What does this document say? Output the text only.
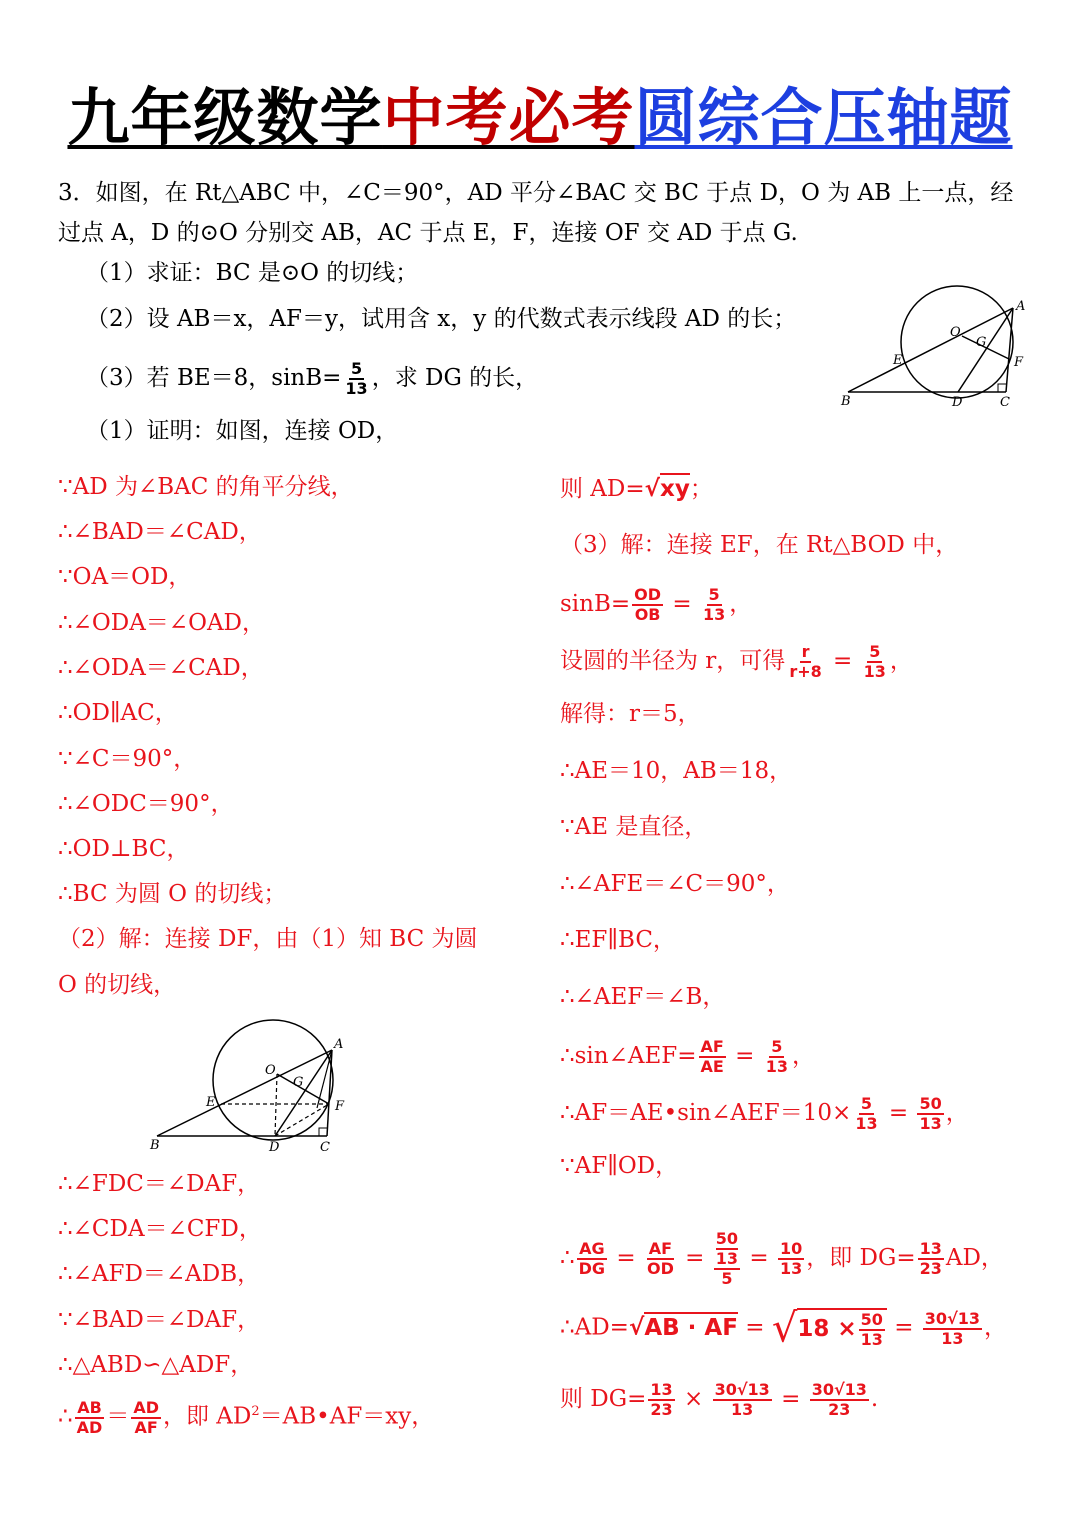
九年级数学中考必考圆综合压轴题
3．如图，在 Rt△ABC 中，∠C＝90°，AD 平分∠BAC 交 BC 于点 D，O 为 AB 上一点，经
过点 A，D 的⊙O 分别交 AB，AC 于点 E，F，连接 OF 交 AD 于点 G.
（1）求证：BC 是⊙O 的切线；
（2）设 AB＝x，AF＝y，试用含 x，y 的代数式表示线段 AD 的长；
（3）若 BE＝8，$\sin B= \frac{5}{13}$ ，求 DG 的长，
（1）证明：如图，连接 OD，
A
O
G
E	F
B	D	C
∵AD 为∠BAC 的角平分线，
∴∠BAD＝∠CAD，
∵OA＝OD，
∴∠ODA＝∠OAD，
∴∠ODA＝∠CAD，
∴OD∥AC，
∵∠C＝90°，
∴∠ODC＝90°，
∴OD⊥BC，
∴BC 为圆 O 的切线；
（2）解：连接 DF，由（1）知 BC 为圆
O 的切线，
A
O
G
E	F
B	D	C
∴∠FDC＝∠DAF，
∴∠CDA＝∠CFD，
∴∠AFD＝∠ADB，
∵∠BAD＝∠DAF，
∴△ABD∽△ADF，
∴ $\frac{AB}{AD} = \frac{AD}{AF}$ ，即 $AD^2=AB•AF=xy$，
则 AD=√xy；
（3）解：连接 EF，在 Rt△BOD 中，
$\sin B= \frac{OD}{OB} = \frac{5}{13}$ ，
设圆的半径为 r，可得 $\frac{r}{r+8} = \frac{5}{13}$ ，
解得：r＝5，
∴AE＝10，AB＝18，
∵AE 是直径，
∴∠AFE＝∠C＝90°，
∴EF∥BC，
∴∠AEF＝∠B，
∴sin∠AEF= $\frac{AF}{AE} = \frac{5}{13}$ ，
∴AF＝AE•sin∠AEF＝10× $\frac{5}{13} = \frac{50}{13}$ ，
∵AF∥OD，
∴ $\frac{AG}{DG} = \frac{AF}{OD} = 50$
13
$5 = \frac{10}{13}$ ，即 $DG= \frac{13}{23}$ AD，
∴AD=√AB · AF = $√18 \times \frac{50}{13} = \frac{30√13}{13}$ ，
则 $DG= \frac{13}{23} \times \frac{30√13}{13} = \frac{30√13}{23}$ .
